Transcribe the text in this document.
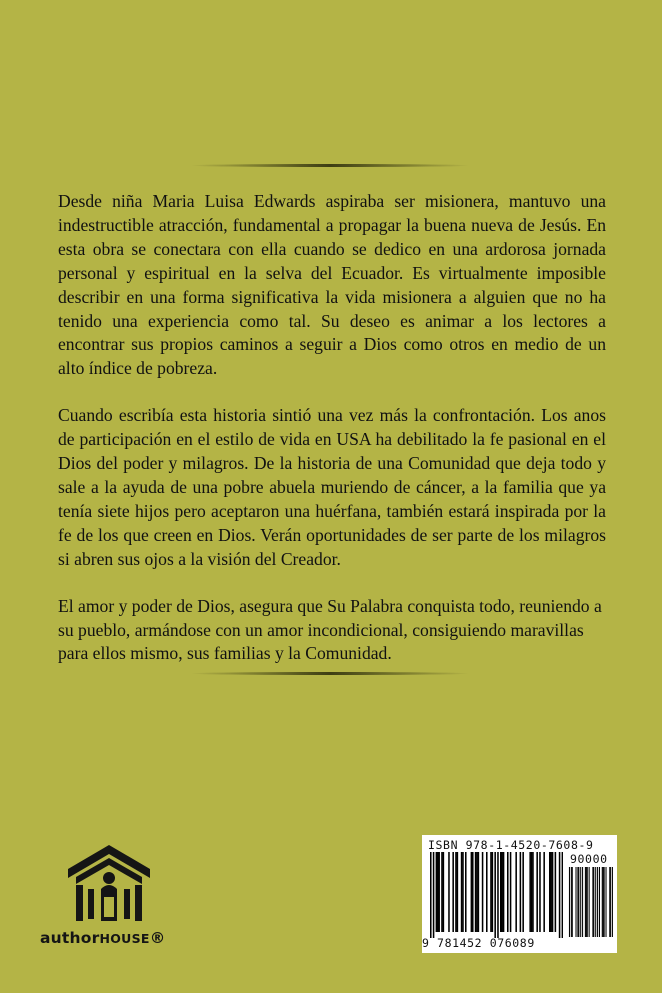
Desde niña Maria Luisa Edwards aspiraba ser misionera, mantuvo una indestructible atracción, fundamental a propagar la buena nueva de Jesús. En esta obra se conectara con ella cuando se dedico en una ardorosa jornada personal y espiritual en la selva del Ecuador. Es virtualmente imposible describir en una forma significativa la vida misionera a alguien que no ha tenido una experiencia como tal. Su deseo es animar a los lectores a encontrar sus propios caminos a seguir a Dios como otros en medio de un alto índice de pobreza.

Cuando escribía esta historia sintió una vez más la confrontación. Los anos de participación en el estilo de vida en USA ha debilitado la fe pasional en el Dios del poder y milagros. De la historia de una Comunidad que deja todo y sale a la ayuda de una pobre abuela muriendo de cáncer, a la familia que ya tenía siete hijos pero aceptaron una huérfana, también estará inspirada por la fe de los que creen en Dios. Verán oportunidades de ser parte de los milagros si abren sus ojos a la visión del Creador.

El amor y poder de Dios, asegura que Su Palabra conquista todo, reuniendo a su pueblo, armándose con un amor incondicional, consiguiendo maravillas para ellos mismo, sus familias y la Comunidad.

authorHOUSE®
ISBN 978-1-4520-7608-9
90000
9 781452 076089
